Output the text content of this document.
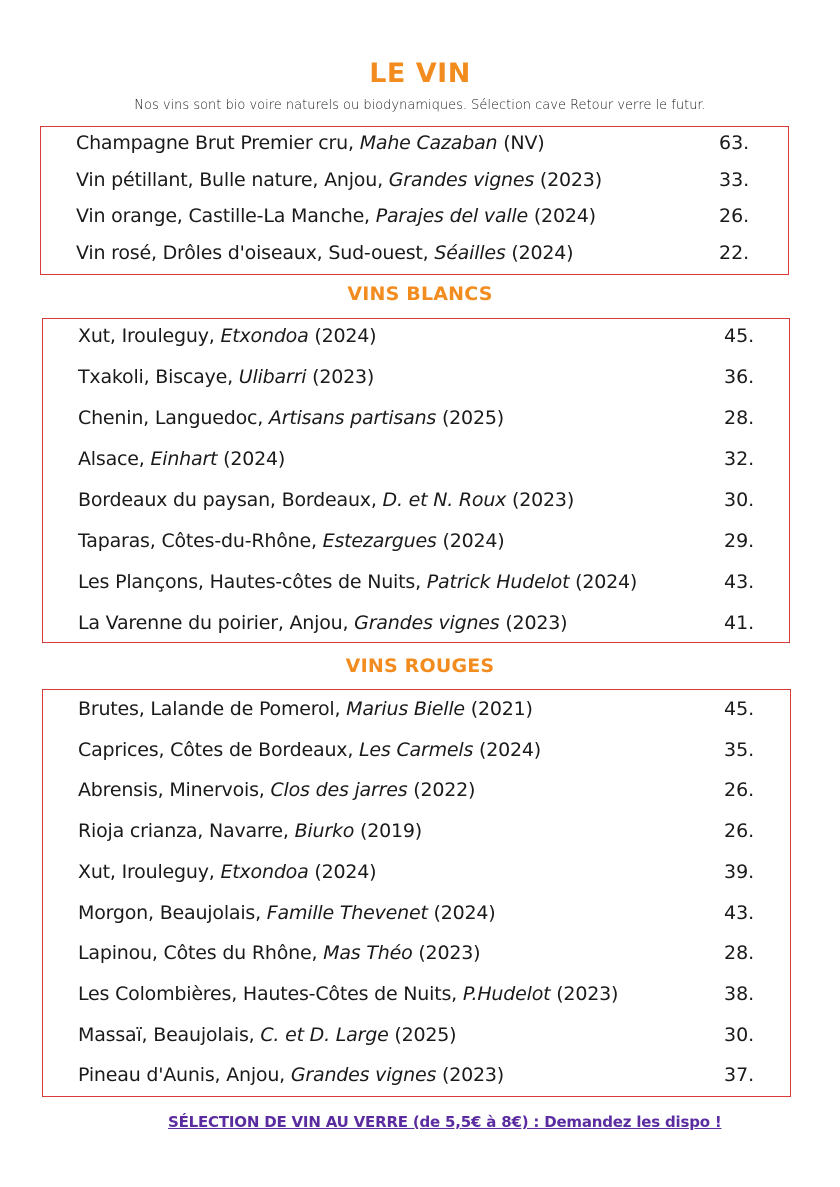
LE VIN
Nos vins sont bio voire naturels ou biodynamiques. Sélection cave Retour verre le futur.
Champagne Brut Premier cru, Mahe Cazaban (NV)	63.
Vin pétillant, Bulle nature, Anjou, Grandes vignes (2023)	33.
Vin orange, Castille-La Manche, Parajes del valle (2024)	26.
Vin rosé, Drôles d'oiseaux, Sud-ouest, Séailles (2024)	22.
VINS BLANCS
Xut, Irouleguy, Etxondoa (2024)	45.
Txakoli, Biscaye, Ulibarri (2023)	36.
Chenin, Languedoc, Artisans partisans (2025)	28.
Alsace, Einhart (2024)	32.
Bordeaux du paysan, Bordeaux, D. et N. Roux (2023)	30.
Taparas, Côtes-du-Rhône, Estezargues (2024)	29.
Les Plançons, Hautes-côtes de Nuits, Patrick Hudelot (2024)	43.
La Varenne du poirier, Anjou, Grandes vignes (2023)	41.
VINS ROUGES
Brutes, Lalande de Pomerol, Marius Bielle (2021)	45.
Caprices, Côtes de Bordeaux, Les Carmels (2024)	35.
Abrensis, Minervois, Clos des jarres (2022)	26.
Rioja crianza, Navarre, Biurko (2019)	26.
Xut, Irouleguy, Etxondoa (2024)	39.
Morgon, Beaujolais, Famille Thevenet (2024)	43.
Lapinou, Côtes du Rhône, Mas Théo (2023)	28.
Les Colombières, Hautes-Côtes de Nuits, P.Hudelot (2023)	38.
Massaï, Beaujolais, C. et D. Large (2025)	30.
Pineau d'Aunis, Anjou, Grandes vignes (2023)	37.
SÉLECTION DE VIN AU VERRE (de 5,5€ à 8€) : Demandez les dispo !
